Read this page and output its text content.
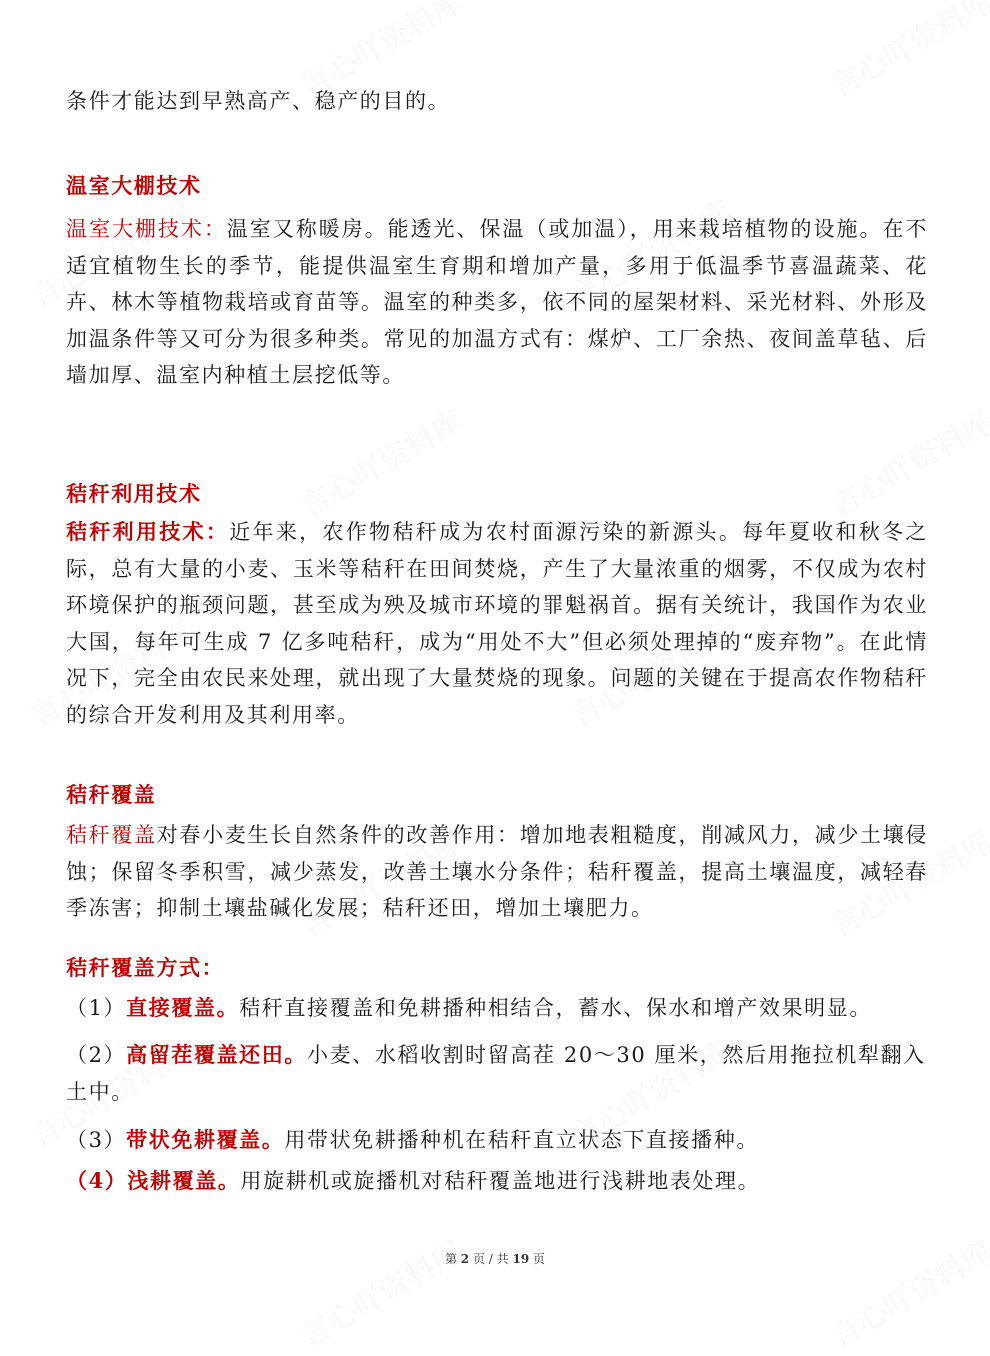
条件才能达到早熟高产、稳产的目的。

温室大棚技术

温室大棚技术：温室又称暖房。能透光、保温（或加温），用来栽培植物的设施。在不适宜植物生长的季节，能提供温室生育期和增加产量，多用于低温季节喜温蔬菜、花卉、林木等植物栽培或育苗等。温室的种类多，依不同的屋架材料、采光材料、外形及加温条件等又可分为很多种类。常见的加温方式有：煤炉、工厂余热、夜间盖草毡、后墙加厚、温室内种植土层挖低等。

秸秆利用技术

秸秆利用技术：近年来，农作物秸秆成为农村面源污染的新源头。每年夏收和秋冬之际，总有大量的小麦、玉米等秸秆在田间焚烧，产生了大量浓重的烟雾，不仅成为农村环境保护的瓶颈问题，甚至成为殃及城市环境的罪魁祸首。据有关统计，我国作为农业大国，每年可生成 7 亿多吨秸秆，成为“用处不大”但必须处理掉的“废弃物”。在此情况下，完全由农民来处理，就出现了大量焚烧的现象。问题的关键在于提高农作物秸秆的综合开发利用及其利用率。

秸秆覆盖

秸秆覆盖对春小麦生长自然条件的改善作用：增加地表粗糙度，削减风力，减少土壤侵蚀；保留冬季积雪，减少蒸发，改善土壤水分条件；秸秆覆盖，提高土壤温度，减轻春季冻害；抑制土壤盐碱化发展；秸秆还田，增加土壤肥力。

秸秆覆盖方式：

（1）直接覆盖。秸秆直接覆盖和免耕播种相结合，蓄水、保水和增产效果明显。

（2）高留茬覆盖还田。小麦、水稻收割时留高茬 20～30 厘米，然后用拖拉机犁翻入土中。

（3）带状免耕覆盖。用带状免耕播种机在秸秆直立状态下直接播种。

（4）浅耕覆盖。用旋耕机或旋播机对秸秆覆盖地进行浅耕地表处理。

第 2 页 / 共 19 页
